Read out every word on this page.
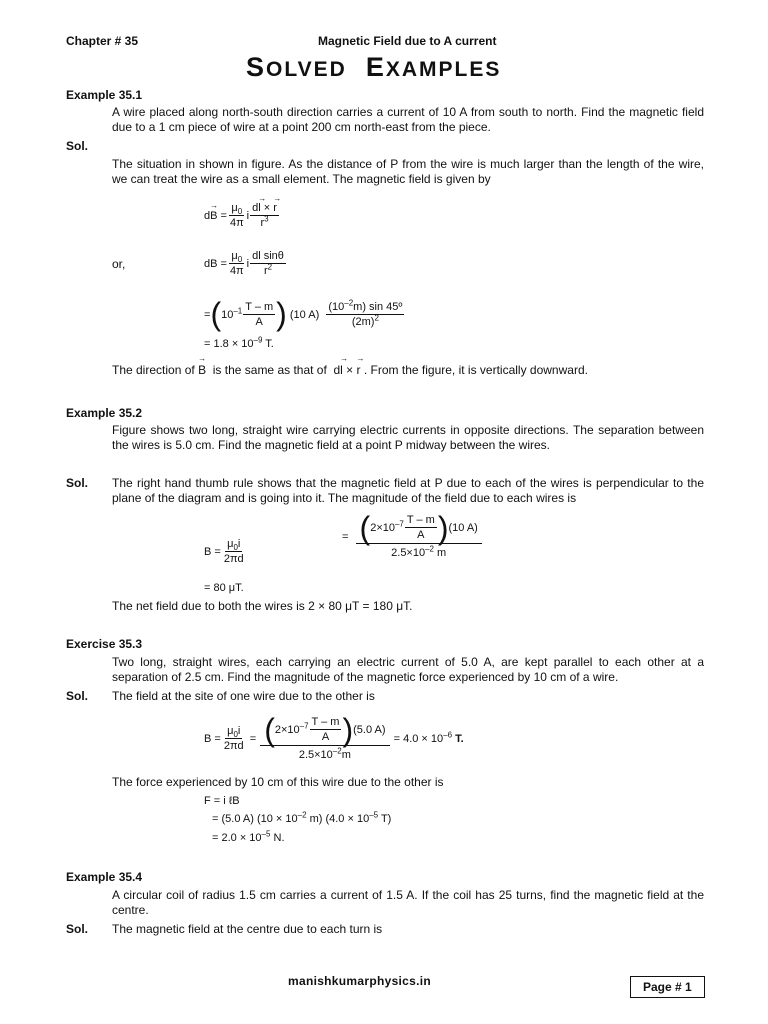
Chapter # 35	Magnetic Field due to A current
SOLVED EXAMPLES
Example 35.1
A wire placed along north-south direction carries a current of 10 A from south to north. Find the magnetic field due to a 1 cm piece of wire at a point 200 cm north-east from the piece.
Sol.
The situation in shown in figure. As the distance of P from the wire is much larger than the length of the wire, we can treat the wire as a small element. The magnetic field is given by
dB → = $\frac{\mu_0}{4\pi}$ i $\frac{dl \to \times r \to}{r^3}$
or,	dB = $\frac{\mu_0}{4\pi}$ i $\frac{\text{dl sinθ}}{r^2}$
= ( $10^{-1} \frac{T - m}{A}$ ) (10 $A) \frac{(10^{-2}m) \sin 45º}{(2m)^2}$
= $1.8 \times 10^{-9}$ T.
The direction of
B →
is the same as that of
dl → × r →
. From the figure, it is vertically downward.
Example 35.2
Figure shows two long, straight wire carrying electric currents in opposite directions. The separation between the wires is 5.0 cm. Find the magnetic field at a point P midway between the wires.
Sol. The right hand thumb rule shows that the magnetic field at P due to each of the wires is perpendicular to the plane of the diagram and is going into it. The magnitude of the field due to each wires is
$B = \frac{\mu_0i}{2\pi d}$
= $\frac{( 2\times 10^{-7} \frac{T - m}{A} ) (10 A)}{2.5\times 10^{-2} m}$
= 80 μT.
The net field due to both the wires is 2 × 80 μT = 180 μT.
Exercise 35.3
Two long, straight wires, each carrying an electric current of 5.0 A, are kept parallel to each other at a separation of 2.5 cm. Find the magnitude of the magnetic force experienced by 10 cm of a wire.
Sol. The field at the site of one wire due to the other is
$B = \frac{\mu_0i}{2\pi d} = \frac{( 2\times 10^{-7} \frac{T - m}{A} ) (5.0 A)}{2.5\times 10^{-2}m} = 4.0 \times 10^{-6}$ T.
The force experienced by 10 cm of this wire due to the other is
F = i ℓB
= (5.0 A) ($10 \times 10^{-2}$ m) ($4.0 \times 10^{-5}$ T)
= $2.0 \times 10^{-5}$ N.
Example 35.4
A circular coil of radius 1.5 cm carries a current of 1.5 A. If the coil has 25 turns, find the magnetic field at the centre.
Sol. The magnetic field at the centre due to each turn is
manishkumarphysics.in	Page # 1
